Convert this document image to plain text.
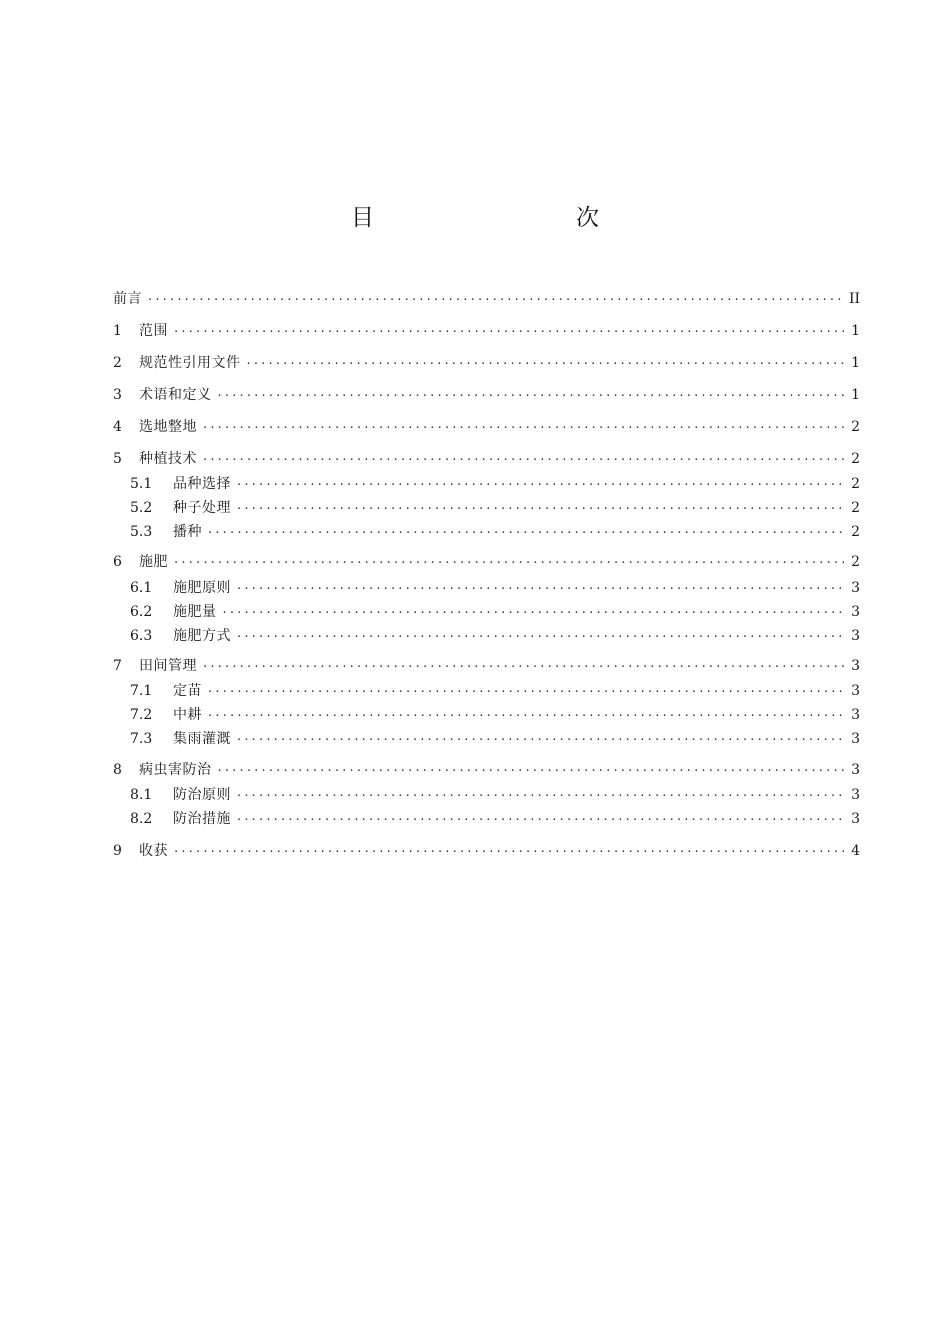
目　　次
前言 .....	II
1	范围 .....	1
2	规范性引用文件 .....	1
3	术语和定义 .....	1
4	选地整地 .....	2
5	种植技术 .....	2
5.1	品种选择 .....	2
5.2	种子处理 .....	2
5.3	播种 .....	2
6	施肥 .....	2
6.1	施肥原则 .....	3
6.2	施肥量 .....	3
6.3	施肥方式 .....	3
7	田间管理 .....	3
7.1	定苗 .....	3
7.2	中耕 .....	3
7.3	集雨灌溉 .....	3
8	病虫害防治 .....	3
8.1	防治原则 .....	3
8.2	防治措施 .....	3
9	收获 .....	4
